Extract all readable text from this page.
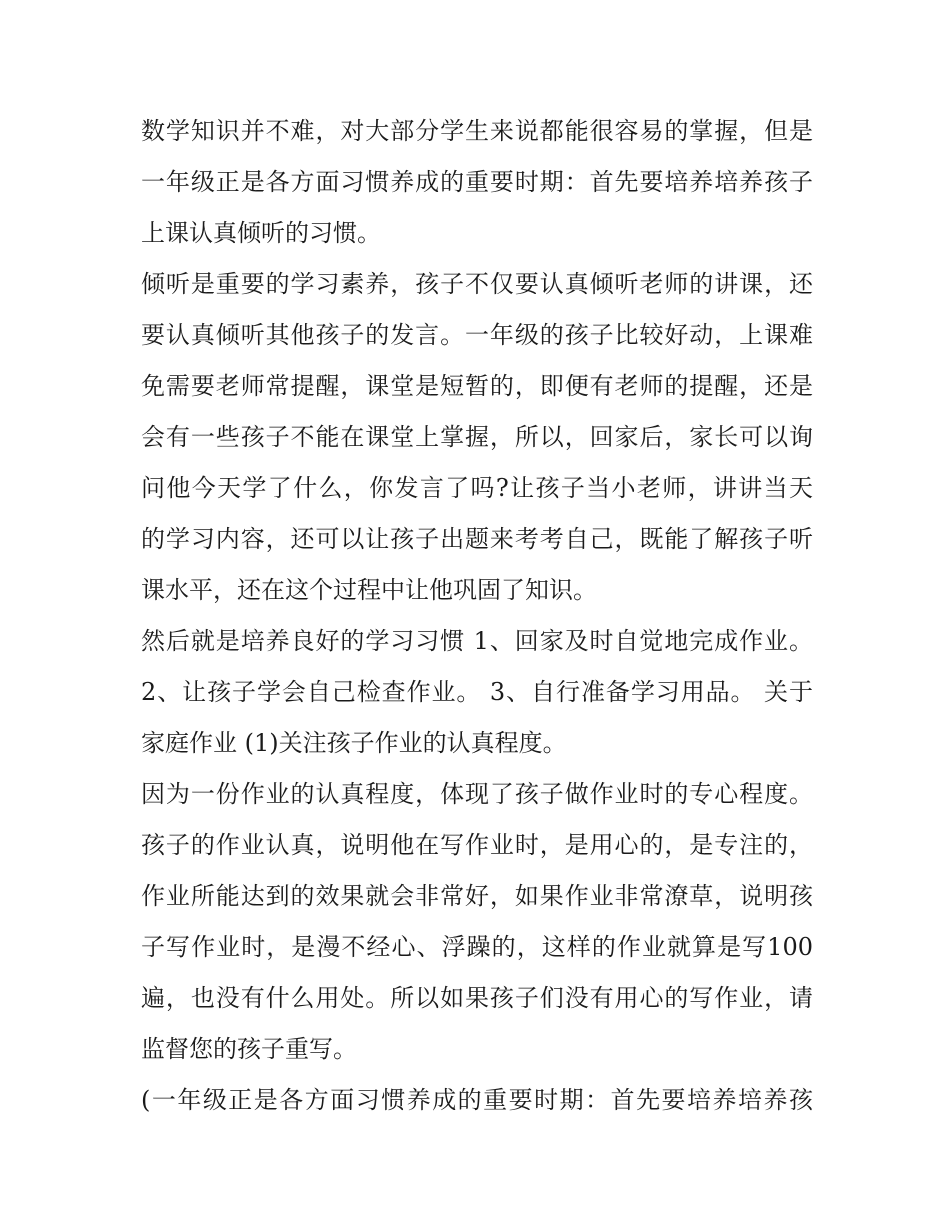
数学知识并不难，对大部分学生来说都能很容易的掌握，但是
一年级正是各方面习惯养成的重要时期：首先要培养培养孩子
上课认真倾听的习惯。
倾听是重要的学习素养，孩子不仅要认真倾听老师的讲课，还
要认真倾听其他孩子的发言。一年级的孩子比较好动，上课难
免需要老师常提醒，课堂是短暂的，即便有老师的提醒，还是
会有一些孩子不能在课堂上掌握，所以，回家后，家长可以询
问他今天学了什么，你发言了吗?让孩子当小老师，讲讲当天
的学习内容，还可以让孩子出题来考考自己，既能了解孩子听
课水平，还在这个过程中让他巩固了知识。
然后就是培养良好的学习习惯 1、回家及时自觉地完成作业。
2、让孩子学会自己检查作业。 3、自行准备学习用品。 关于
家庭作业 (1)关注孩子作业的认真程度。
因为一份作业的认真程度，体现了孩子做作业时的专心程度。
孩子的作业认真，说明他在写作业时，是用心的，是专注的，
作业所能达到的效果就会非常好，如果作业非常潦草，说明孩
子写作业时，是漫不经心、浮躁的，这样的作业就算是写100
遍，也没有什么用处。所以如果孩子们没有用心的写作业，请
监督您的孩子重写。
(一年级正是各方面习惯养成的重要时期：首先要培养培养孩
